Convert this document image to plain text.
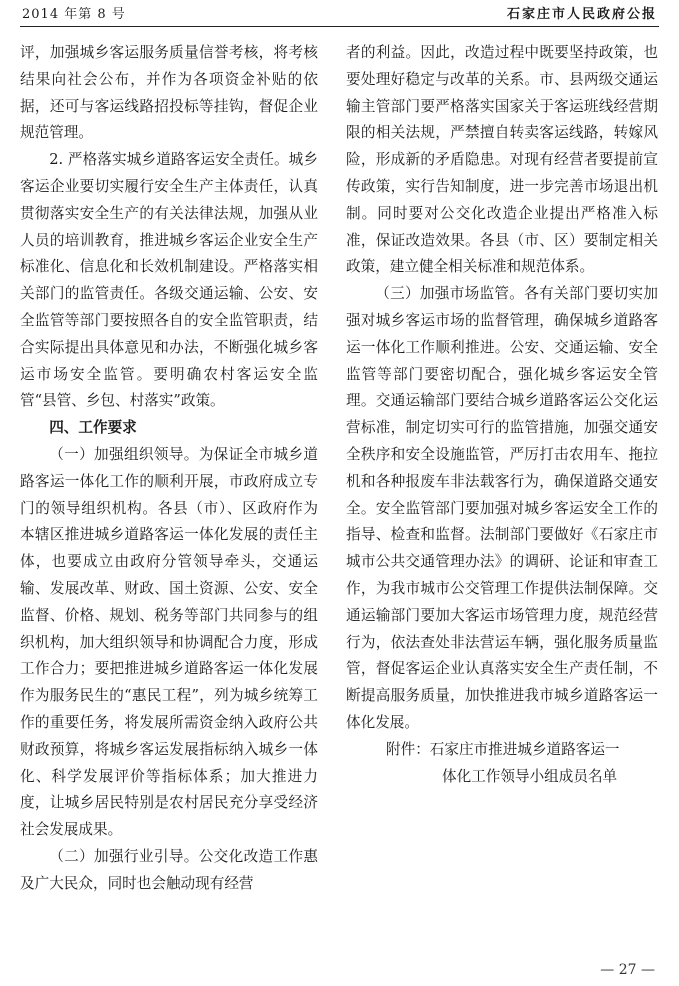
2014 年第 8 号	石家庄市人民政府公报

评，加强城乡客运服务质量信誉考核，将考核结果向社会公布，并作为各项资金补贴的依据，还可与客运线路招投标等挂钩，督促企业规范管理。

2. 严格落实城乡道路客运安全责任。城乡客运企业要切实履行安全生产主体责任，认真贯彻落实安全生产的有关法律法规，加强从业人员的培训教育，推进城乡客运企业安全生产标准化、信息化和长效机制建设。严格落实相关部门的监管责任。各级交通运输、公安、安全监管等部门要按照各自的安全监管职责，结合实际提出具体意见和办法，不断强化城乡客运市场安全监管。要明确农村客运安全监管“县管、乡包、村落实”政策。

四、工作要求

（一）加强组织领导。为保证全市城乡道路客运一体化工作的顺利开展，市政府成立专门的领导组织机构。各县（市）、区政府作为本辖区推进城乡道路客运一体化发展的责任主体，也要成立由政府分管领导牵头，交通运输、发展改革、财政、国土资源、公安、安全监督、价格、规划、税务等部门共同参与的组织机构，加大组织领导和协调配合力度，形成工作合力；要把推进城乡道路客运一体化发展作为服务民生的“惠民工程”，列为城乡统筹工作的重要任务，将发展所需资金纳入政府公共财政预算，将城乡客运发展指标纳入城乡一体化、科学发展评价等指标体系；加大推进力度，让城乡居民特别是农村居民充分享受经济社会发展成果。

（二）加强行业引导。公交化改造工作惠及广大民众，同时也会触动现有经营

者的利益。因此，改造过程中既要坚持政策，也要处理好稳定与改革的关系。市、县两级交通运输主管部门要严格落实国家关于客运班线经营期限的相关法规，严禁擅自转卖客运线路，转嫁风险，形成新的矛盾隐患。对现有经营者要提前宣传政策，实行告知制度，进一步完善市场退出机制。同时要对公交化改造企业提出严格准入标准，保证改造效果。各县（市、区）要制定相关政策，建立健全相关标准和规范体系。

（三）加强市场监管。各有关部门要切实加强对城乡客运市场的监督管理，确保城乡道路客运一体化工作顺利推进。公安、交通运输、安全监管等部门要密切配合，强化城乡客运安全管理。交通运输部门要结合城乡道路客运公交化运营标准，制定切实可行的监管措施，加强交通安全秩序和安全设施监管，严厉打击农用车、拖拉机和各种报废车非法载客行为，确保道路交通安全。安全监管部门要加强对城乡客运安全工作的指导、检查和监督。法制部门要做好《石家庄市城市公共交通管理办法》的调研、论证和审查工作，为我市城市公交管理工作提供法制保障。交通运输部门要加大客运市场管理力度，规范经营行为，依法查处非法营运车辆，强化服务质量监管，督促客运企业认真落实安全生产责任制，不断提高服务质量，加快推进我市城乡道路客运一体化发展。

附件：石家庄市推进城乡道路客运一

体化工作领导小组成员名单

— 27 —
